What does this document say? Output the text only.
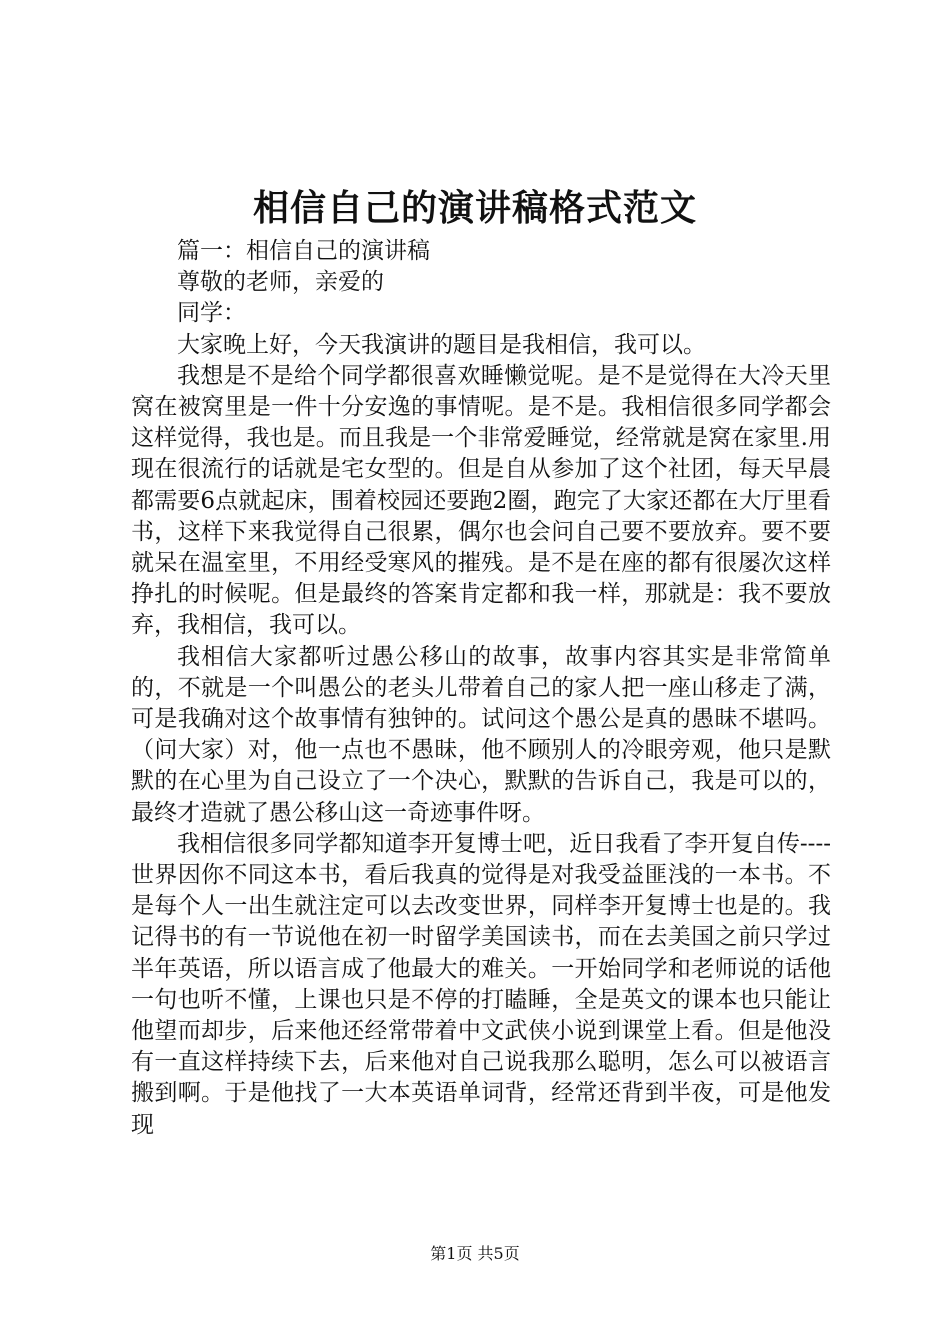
相信自己的演讲稿格式范文

篇一：相信自己的演讲稿

尊敬的老师，亲爱的

同学：

大家晚上好，今天我演讲的题目是我相信，我可以。

我想是不是给个同学都很喜欢睡懒觉呢。是不是觉得在大冷天里窝在被窝里是一件十分安逸的事情呢。是不是。我相信很多同学都会这样觉得，我也是。而且我是一个非常爱睡觉，经常就是窝在家里.用现在很流行的话就是宅女型的。但是自从参加了这个社团，每天早晨都需要6点就起床，围着校园还要跑2圈，跑完了大家还都在大厅里看书，这样下来我觉得自己很累，偶尔也会问自己要不要放弃。要不要就呆在温室里，不用经受寒风的摧残。是不是在座的都有很屡次这样挣扎的时候呢。但是最终的答案肯定都和我一样，那就是：我不要放弃，我相信，我可以。

我相信大家都听过愚公移山的故事，故事内容其实是非常简单的，不就是一个叫愚公的老头儿带着自己的家人把一座山移走了满，可是我确对这个故事情有独钟的。试问这个愚公是真的愚昧不堪吗。（问大家）对，他一点也不愚昧，他不顾别人的冷眼旁观，他只是默默的在心里为自己设立了一个决心，默默的告诉自己，我是可以的，最终才造就了愚公移山这一奇迹事件呀。

我相信很多同学都知道李开复博士吧，近日我看了李开复自传----世界因你不同这本书，看后我真的觉得是对我受益匪浅的一本书。不是每个人一出生就注定可以去改变世界，同样李开复博士也是的。我记得书的有一节说他在初一时留学美国读书，而在去美国之前只学过半年英语，所以语言成了他最大的难关。一开始同学和老师说的话他一句也听不懂，上课也只是不停的打瞌睡，全是英文的课本也只能让他望而却步，后来他还经常带着中文武侠小说到课堂上看。但是他没有一直这样持续下去，后来他对自己说我那么聪明，怎么可以被语言搬到啊。于是他找了一大本英语单词背，经常还背到半夜，可是他发现

第1页 共5页
